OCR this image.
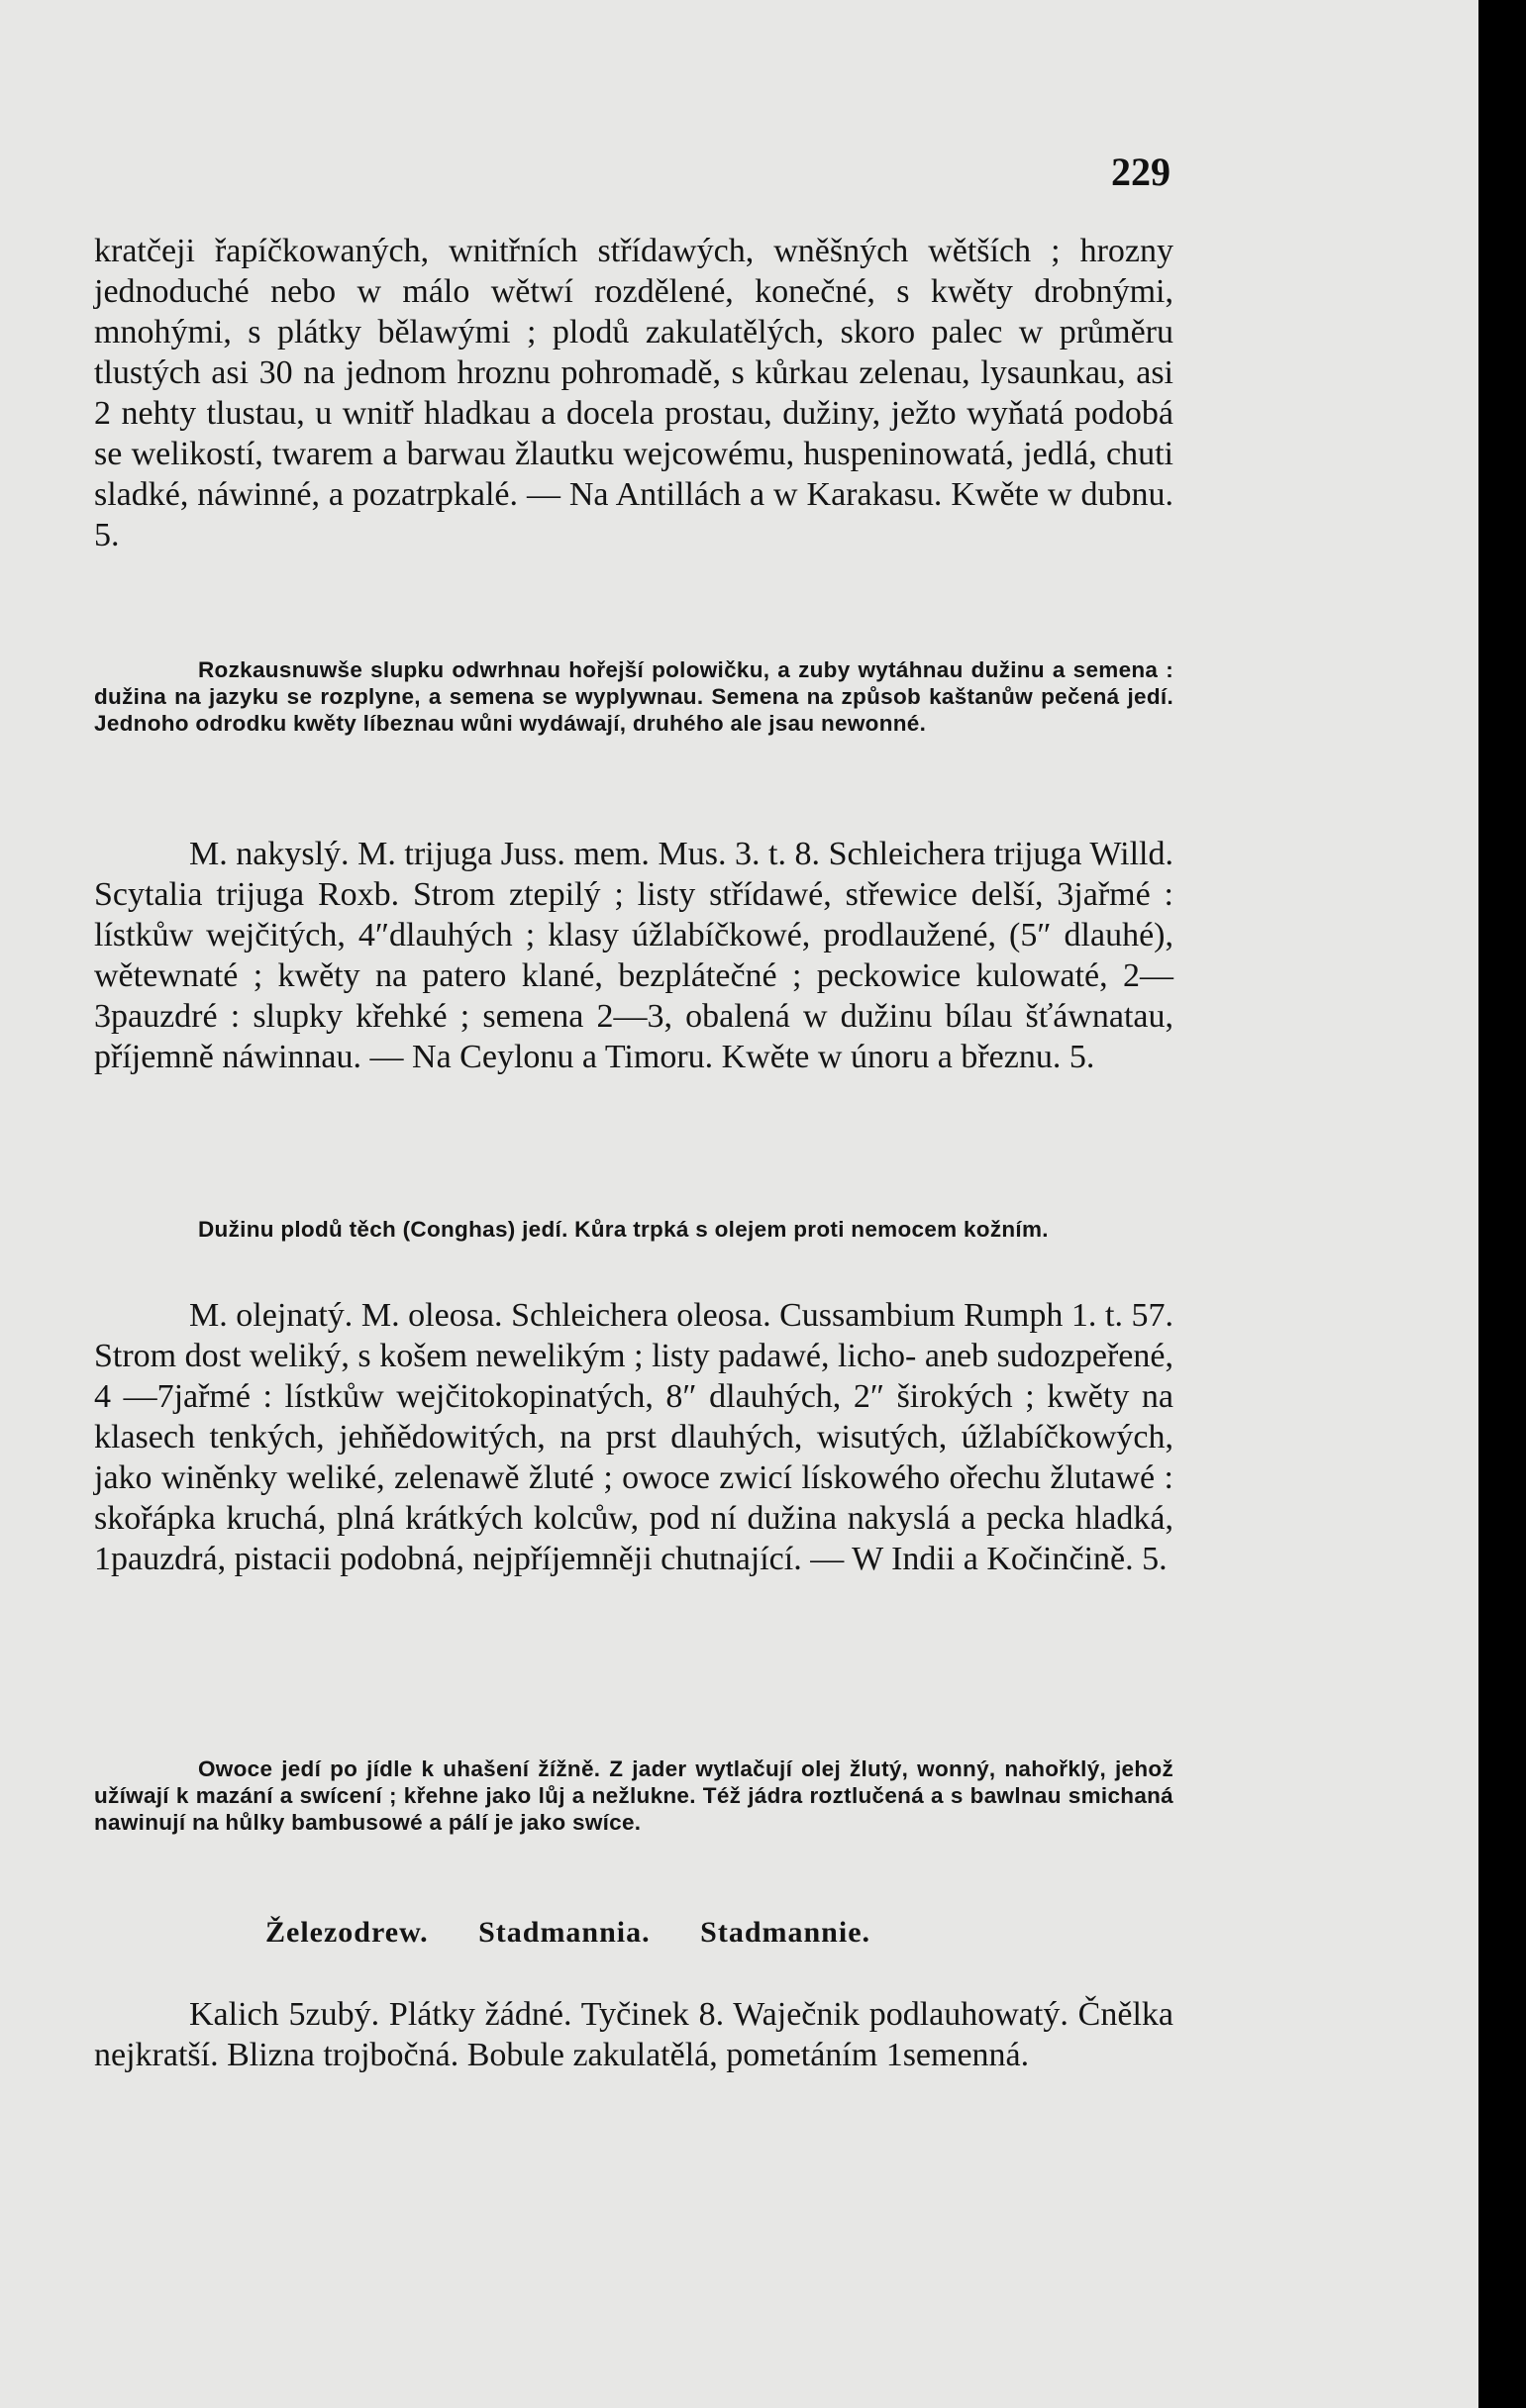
229

kratčeji řapíčkowaných, wnitřních střídawých, wněšných wětších ; hrozny jednoduché nebo w málo wětwí rozdělené, konečné, s kwěty drobnými, mnohými, s plátky bělawými ; plodů zakulatělých, skoro palec w průměru tlustých asi 30 na jednom hroznu pohromadě, s kůrkau zelenau, lysaunkau, asi 2 nehty tlustau, u wnitř hladkau a docela prostau, dužiny, ježto wyňatá podobá se welikostí, twarem a barwau žlautku wejcowému, huspeninowatá, jedlá, chuti sladké, náwinné, a pozatrpkalé. — Na Antillách a w Karakasu. Kwěte w dubnu. 5.

Rozkausnuwše slupku odwrhnau hořejší polowičku, a zuby wytáhnau dužinu a semena : dužina na jazyku se rozplyne, a semena se wyplywnau. Semena na způsob kaštanůw pečená jedí. Jednoho odrodku kwěty líbeznau wůni wydáwají, druhého ale jsau newonné.

M. nakyslý. M. trijuga Juss. mem. Mus. 3. t. 8. Schleichera trijuga Willd. Scytalia trijuga Roxb. Strom ztepilý ; listy střídawé, střewice delší, 3jařmé : lístkůw wejčitých, 4″dlauhých ; klasy úžlabíčkowé, prodlaužené, (5″ dlauhé), wětewnaté ; kwěty na patero klané, bezplátečné ; peckowice kulowaté, 2—3pauzdré : slupky křehké ; semena 2—3, obalená w dužinu bílau šťáwnatau, příjemně náwinnau. — Na Ceylonu a Timoru. Kwěte w únoru a březnu. 5.

Dužinu plodů těch (Conghas) jedí. Kůra trpká s olejem proti nemocem kožním.

M. olejnatý. M. oleosa. Schleichera oleosa. Cussambium Rumph 1. t. 57. Strom dost weliký, s košem newelikým ; listy padawé, licho- aneb sudozpeřené, 4 —7jařmé : lístkůw wejčitokopinatých, 8″ dlauhých, 2″ širokých ; kwěty na klasech tenkých, jehňědowitých, na prst dlauhých, wisutých, úžlabíčkowých, jako winěnky weliké, zelenawě žluté ; owoce zwicí lískowého ořechu žlutawé : skořápka kruchá, plná krátkých kolcůw, pod ní dužina nakyslá a pecka hladká, 1pauzdrá, pistacii podobná, nejpříjemněji chutnající. — W Indii a Kočinčině. 5.

Owoce jedí po jídle k uhašení žížně. Z jader wytlačují olej žlutý, wonný, nahořklý, jehož užíwají k mazání a swícení ; křehne jako lůj a nežlukne. Též jádra roztlučená a s bawlnau smichaná nawinují na hůlky bambusowé a pálí je jako swíce.

Železodrew. Stadmannia. Stadmannie.

Kalich 5zubý. Plátky žádné. Tyčinek 8. Waječnik podlauhowatý. Čnělka nejkratší. Blizna trojbočná. Bobule zakulatělá, pometáním 1semenná.
